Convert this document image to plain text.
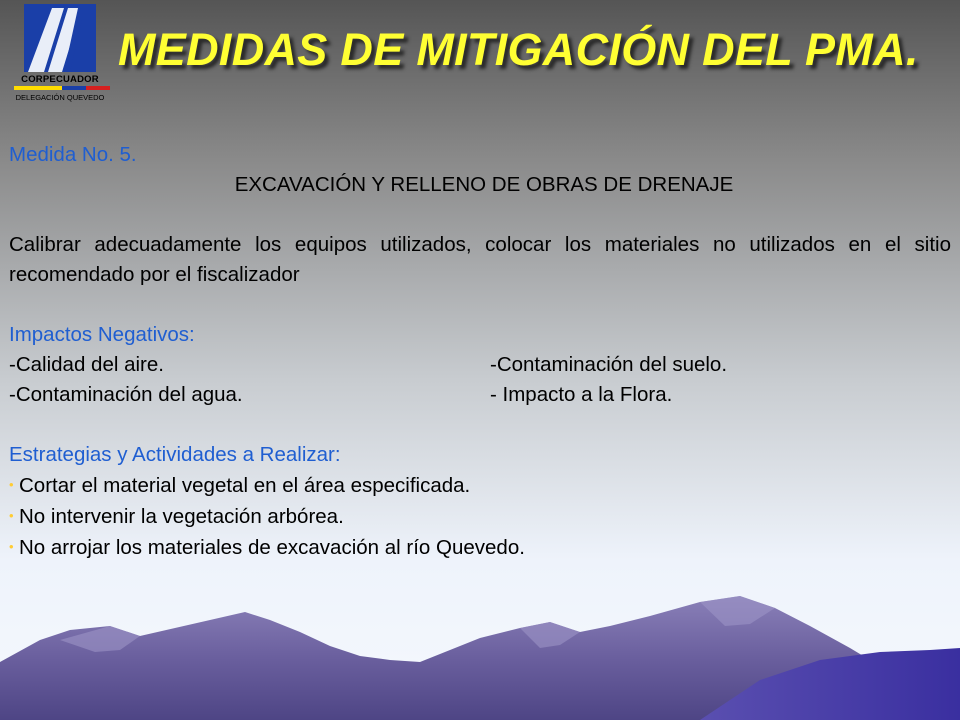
CORPECUADOR
DELEGACIÓN QUEVEDO
MEDIDAS DE MITIGACIÓN DEL PMA.
Medida No. 5.
EXCAVACIÓN Y RELLENO DE OBRAS DE DRENAJE
Calibrar adecuadamente los equipos utilizados, colocar los materiales no utilizados en el sitio recomendado por el fiscalizador
Impactos Negativos:
-Calidad del aire.	-Contaminación del suelo.
-Contaminación del agua.	- Impacto a la Flora.
Estrategias y Actividades a Realizar:
• Cortar el material vegetal en el área especificada.
• No intervenir la vegetación arbórea.
• No arrojar los materiales de excavación al río Quevedo.
